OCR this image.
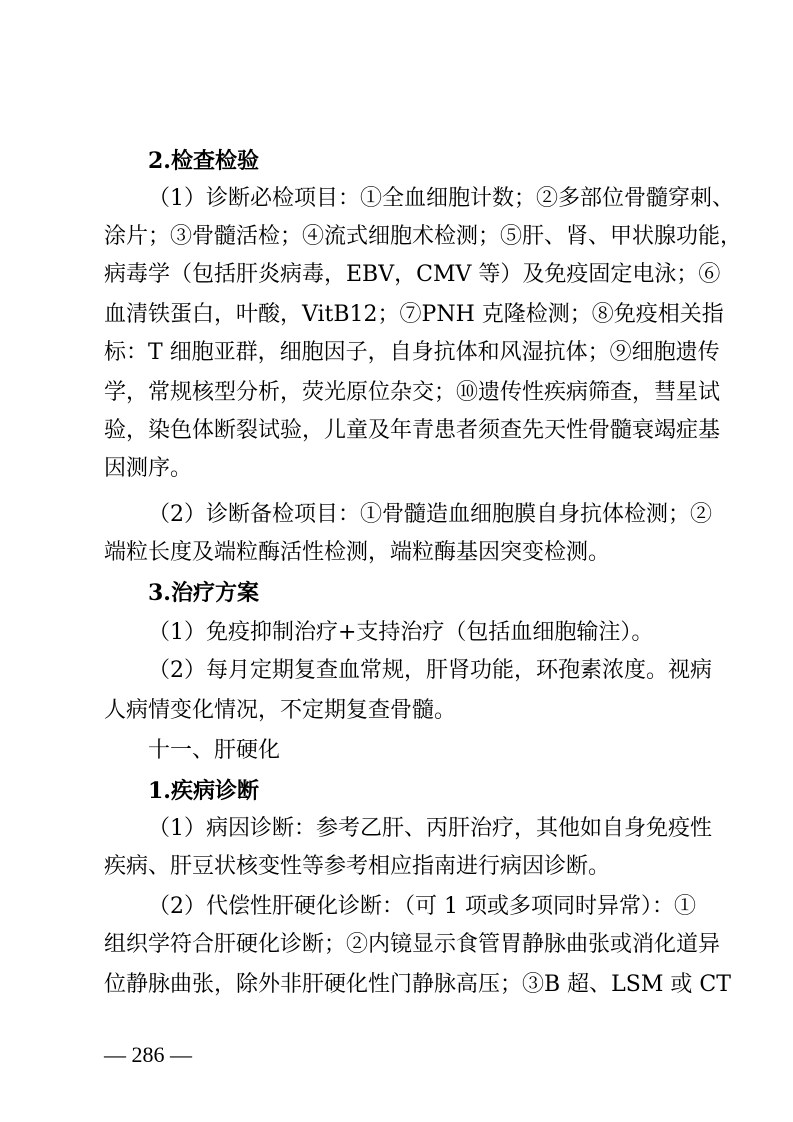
2.检查检验
（1）诊断必检项目：①全血细胞计数；②多部位骨髓穿刺、
涂片；③骨髓活检；④流式细胞术检测；⑤肝、肾、甲状腺功能，
病毒学（包括肝炎病毒，EBV，CMV 等）及免疫固定电泳；⑥
血清铁蛋白，叶酸，VitB12；⑦PNH 克隆检测；⑧免疫相关指
标：T 细胞亚群，细胞因子，自身抗体和风湿抗体；⑨细胞遗传
学，常规核型分析，荧光原位杂交；⑩遗传性疾病筛查，彗星试
验，染色体断裂试验，儿童及年青患者须查先天性骨髓衰竭症基
因测序。
（2）诊断备检项目：①骨髓造血细胞膜自身抗体检测；②
端粒长度及端粒酶活性检测，端粒酶基因突变检测。
3.治疗方案
（1）免疫抑制治疗+支持治疗（包括血细胞输注）。
（2）每月定期复查血常规，肝肾功能，环孢素浓度。视病
人病情变化情况，不定期复查骨髓。
十一、肝硬化
1.疾病诊断
（1）病因诊断：参考乙肝、丙肝治疗，其他如自身免疫性
疾病、肝豆状核变性等参考相应指南进行病因诊断。
（2）代偿性肝硬化诊断：（可 1 项或多项同时异常）：①
组织学符合肝硬化诊断；②内镜显示食管胃静脉曲张或消化道异
位静脉曲张，除外非肝硬化性门静脉高压；③B 超、LSM 或 CT
— 286 —
